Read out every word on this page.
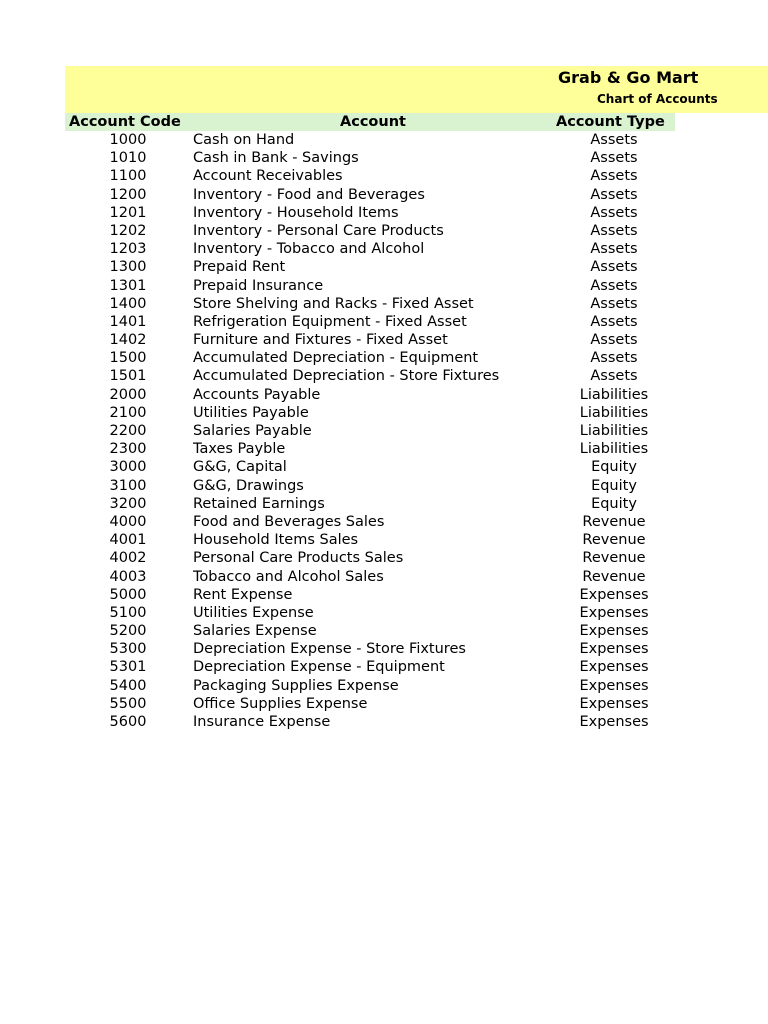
Grab & Go Mart
Chart of Accounts
Account Code	Account	Account Type
1000	Cash on Hand	Assets
1010	Cash in Bank - Savings	Assets
1100	Account Receivables	Assets
1200	Inventory - Food and Beverages	Assets
1201	Inventory - Household Items	Assets
1202	Inventory - Personal Care Products	Assets
1203	Inventory - Tobacco and Alcohol	Assets
1300	Prepaid Rent	Assets
1301	Prepaid Insurance	Assets
1400	Store Shelving and Racks - Fixed Asset	Assets
1401	Refrigeration Equipment - Fixed Asset	Assets
1402	Furniture and Fixtures - Fixed Asset	Assets
1500	Accumulated Depreciation - Equipment	Assets
1501	Accumulated Depreciation - Store Fixtures	Assets
2000	Accounts Payable	Liabilities
2100	Utilities Payable	Liabilities
2200	Salaries Payable	Liabilities
2300	Taxes Payble	Liabilities
3000	G&G, Capital	Equity
3100	G&G, Drawings	Equity
3200	Retained Earnings	Equity
4000	Food and Beverages Sales	Revenue
4001	Household Items Sales	Revenue
4002	Personal Care Products Sales	Revenue
4003	Tobacco and Alcohol Sales	Revenue
5000	Rent Expense	Expenses
5100	Utilities Expense	Expenses
5200	Salaries Expense	Expenses
5300	Depreciation Expense - Store Fixtures	Expenses
5301	Depreciation Expense - Equipment	Expenses
5400	Packaging Supplies Expense	Expenses
5500	Office Supplies Expense	Expenses
5600	Insurance Expense	Expenses
